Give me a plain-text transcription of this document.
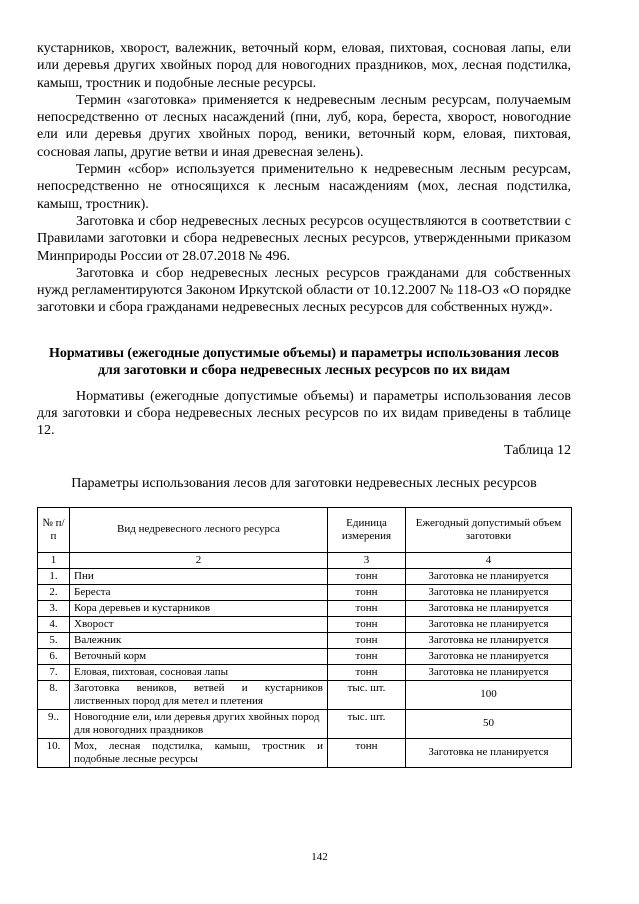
кустарников, хворост, валежник, веточный корм, еловая, пихтовая, сосновая лапы, ели или деревья других хвойных пород для новогодних праздников, мох, лесная подстилка, камыш, тростник и подобные лесные ресурсы.

Термин «заготовка» применяется к недревесным лесным ресурсам, получаемым непосредственно от лесных насаждений (пни, луб, кора, береста, хворост, новогодние ели или деревья других хвойных пород, веники, веточный корм, еловая, пихтовая, сосновая лапы, другие ветви и иная древесная зелень).

Термин «сбор» используется применительно к недревесным лесным ресурсам, непосредственно не относящихся к лесным насаждениям (мох, лесная подстилка, камыш, тростник).

Заготовка и сбор недревесных лесных ресурсов осуществляются в соответствии с Правилами заготовки и сбора недревесных лесных ресурсов, утвержденными приказом Минприроды России от 28.07.2018 № 496.

Заготовка и сбор недревесных лесных ресурсов гражданами для собственных нужд регламентируются Законом Иркутской области от 10.12.2007 № 118-ОЗ «О порядке заготовки и сбора гражданами недревесных лесных ресурсов для собственных нужд».

Нормативы (ежегодные допустимые объемы) и параметры использования лесов для заготовки и сбора недревесных лесных ресурсов по их видам

Нормативы (ежегодные допустимые объемы) и параметры использования лесов для заготовки и сбора недревесных лесных ресурсов по их видам приведены в таблице 12.

Таблица 12
Параметры использования лесов для заготовки недревесных лесных ресурсов
№ п/п	Вид недревесного лесного ресурса	Единица измерения	Ежегодный допустимый объем заготовки
1	2	3	4
1.	Пни	тонн	Заготовка не планируется
2.	Береста	тонн	Заготовка не планируется
3.	Кора деревьев и кустарников	тонн	Заготовка не планируется
4.	Хворост	тонн	Заготовка не планируется
5.	Валежник	тонн	Заготовка не планируется
6.	Веточный корм	тонн	Заготовка не планируется
7.	Еловая, пихтовая, сосновая лапы	тонн	Заготовка не планируется
8.	Заготовка веников, ветвей и кустарников лиственных пород для метел и плетения	тыс. шт.	100
9..	Новогодние ели, или деревья других хвойных пород для новогодних праздников	тыс. шт.	50
10.	Мох, лесная подстилка, камыш, тростник и подобные лесные ресурсы	тонн	Заготовка не планируется
142
